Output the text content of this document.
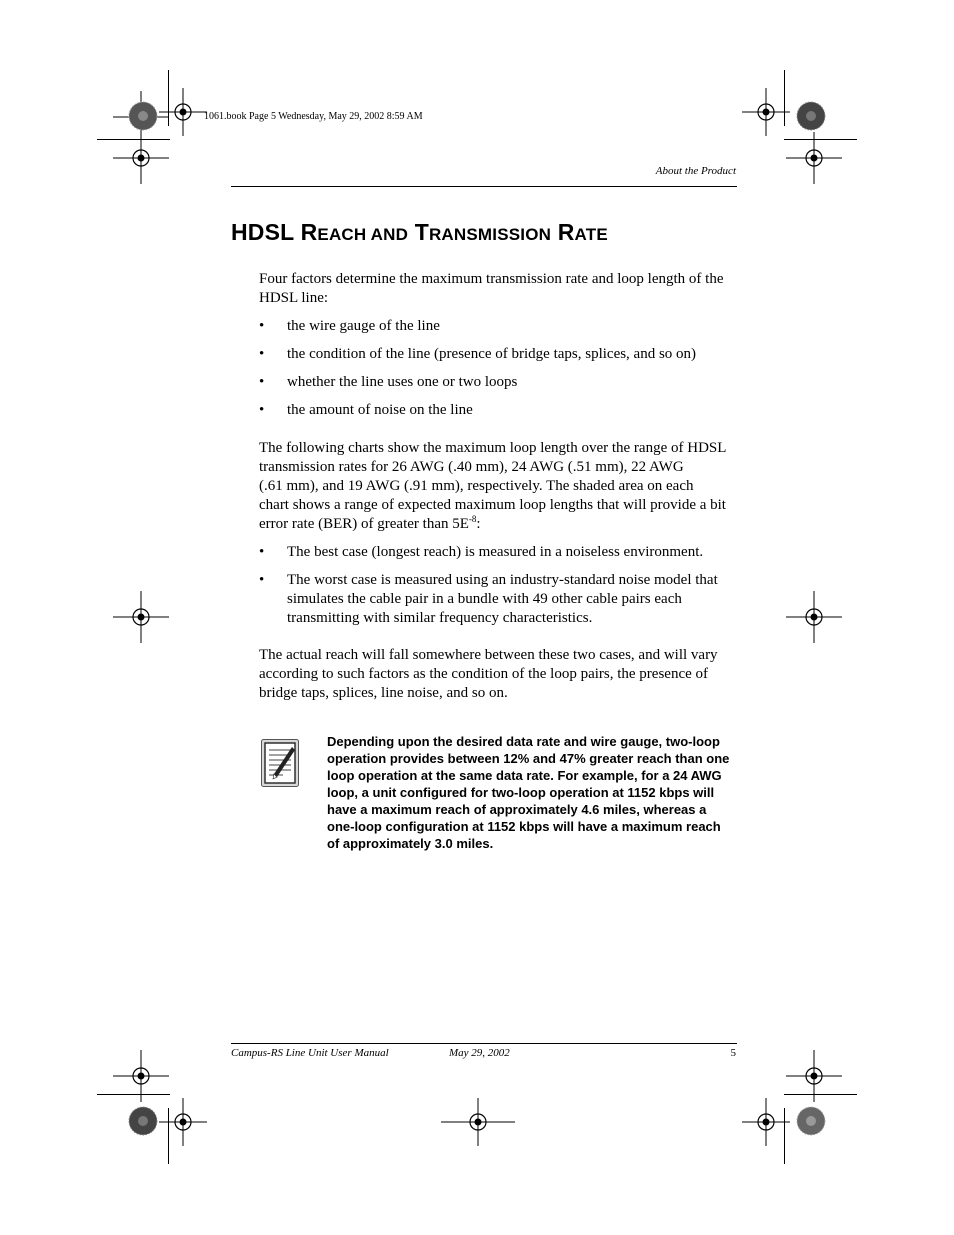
1061.book Page 5 Wednesday, May 29, 2002 8:59 AM
About the Product
HDSL REACH AND TRANSMISSION RATE
Four factors determine the maximum transmission rate and loop length of the HDSL line:
• the wire gauge of the line
• the condition of the line (presence of bridge taps, splices, and so on)
• whether the line uses one or two loops
• the amount of noise on the line
The following charts show the maximum loop length over the range of HDSL
transmission rates for 26 AWG (.40 mm), 24 AWG (.51 mm), 22 AWG
(.61 mm), and 19 AWG (.91 mm), respectively. The shaded area on each
chart shows a range of expected maximum loop lengths that will provide a bit
error rate (BER) of greater than $5E^{-8}$:
• The best case (longest reach) is measured in a noiseless environment.
• The worst case is measured using an industry-standard noise model that simulates the cable pair in a bundle with 49 other cable pairs each transmitting with similar frequency characteristics.
The actual reach will fall somewhere between these two cases, and will vary according to such factors as the condition of the loop pairs, the presence of bridge taps, splices, line noise, and so on.
Depending upon the desired data rate and wire gauge, two-loop operation provides between 12% and 47% greater reach than one loop operation at the same data rate. For example, for a 24 AWG loop, a unit configured for two-loop operation at 1152 kbps will have a maximum reach of approximately 4.6 miles, whereas a one-loop configuration at 1152 kbps will have a maximum reach of approximately 3.0 miles.
Campus-RS Line Unit User Manual	May 29, 2002	5
